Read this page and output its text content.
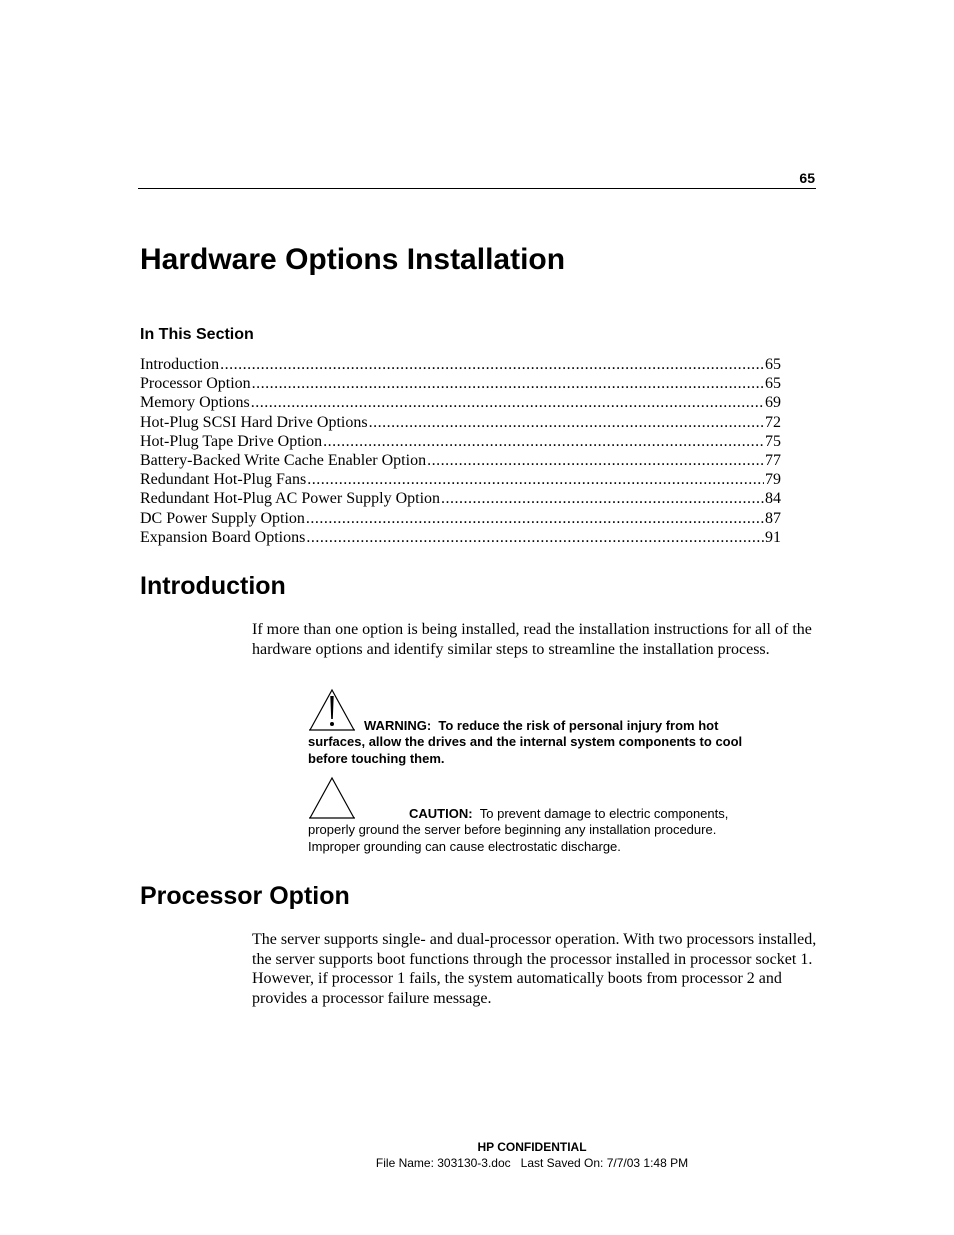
65
Hardware Options Installation
In This Section
Introduction .....	65
Processor Option .....	65
Memory Options .....	69
Hot-Plug SCSI Hard Drive Options .....	72
Hot-Plug Tape Drive Option .....	75
Battery-Backed Write Cache Enabler Option .....	77
Redundant Hot-Plug Fans .....	79
Redundant Hot-Plug AC Power Supply Option .....	84
DC Power Supply Option .....	87
Expansion Board Options .....	91
Introduction

If more than one option is being installed, read the installation instructions for all of the hardware options and identify similar steps to streamline the installation process.

WARNING: To reduce the risk of personal injury from hot
surfaces, allow the drives and the internal system components to cool before touching them.
CAUTION: To prevent damage to electric components,
properly ground the server before beginning any installation procedure. Improper grounding can cause electrostatic discharge.
Processor Option

The server supports single- and dual-processor operation. With two processors installed, the server supports boot functions through the processor installed in processor socket 1. However, if processor 1 fails, the system automatically boots from processor 2 and provides a processor failure message.

HP CONFIDENTIAL
File Name: 303130-3.doc   Last Saved On: 7/7/03 1:48 PM
